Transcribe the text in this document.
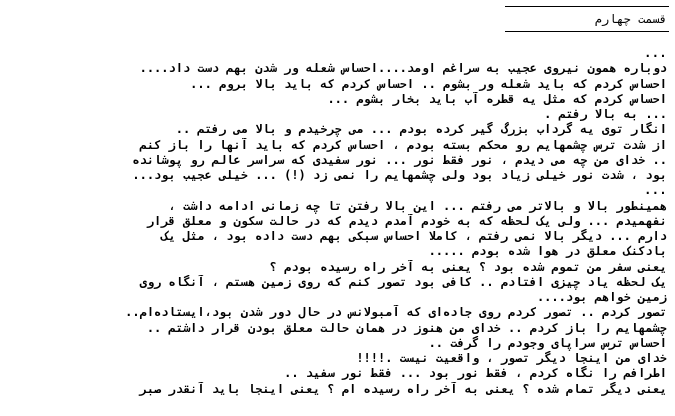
قسمت چهارم
...
دوباره همون نیروی عجیب به سراغم اومد....احساس شعله ور شدن بهم دست داد....
احساس کردم که باید شعله ور بشوم .. احساس کردم که باید بالا بروم ...
احساس کردم که مثل یه قطره آب باید بخار بشوم ...
... به بالا رفتم .
انگار توی یه گرداب بزرگ گیر کرده بودم ... می چرخیدم و بالا می رفتم ..
از شدت ترس چشمهایم رو محکم بسته بودم ، احساس کردم که باید آنها را باز کنم
.. خدای من چه می دیدم ، نور فقط نور ... نور سفیدی که سراسر عالم رو پوشانده
بود ، شدت نور خیلی زیاد بود ولی چشمهایم را نمی زد (!) ... خیلی عجیب بود...
...
همینطور بالا و بالاتر می رفتم ... این بالا رفتن تا چه زمانی ادامه داشت ،
نفهمیدم ... ولی یک لحظه که به خودم آمدم دیدم که در حالت سکون و معلق قرار
دارم ... دیگر بالا نمی رفتم ، کاملا احساس سبکی بهم دست داده بود ، مثل یک
بادکنک معلق در هوا شده بودم .....
یعنی سفر من تموم شده بود ؟ یعنی به آخر راه رسیده بودم ؟
یک لحظه یاد چیزی افتادم .. کافی بود تصور کنم که روی زمین هستم ، آنگاه روی
زمین خواهم بود....
تصور کردم .. تصور کردم روی جاده‌ای که آمبولانس در حال دور شدن بود،ایستاده‌ام..
چشمهایم را باز کردم .. خدای من هنوز در همان حالت معلق بودن قرار داشتم ..
احساس ترس سراپای وجودم را گرفت ..
خدای من اینجا دیگر تصور ، واقعیت نیست .!!!!
اطرافم را نگاه کردم ، فقط نور بود ... فقط نور سفید ..
یعنی دیگر تمام شده ؟ یعنی به آخر راه رسیده ام ؟ یعنی اینجا باید آنقدر صبر
